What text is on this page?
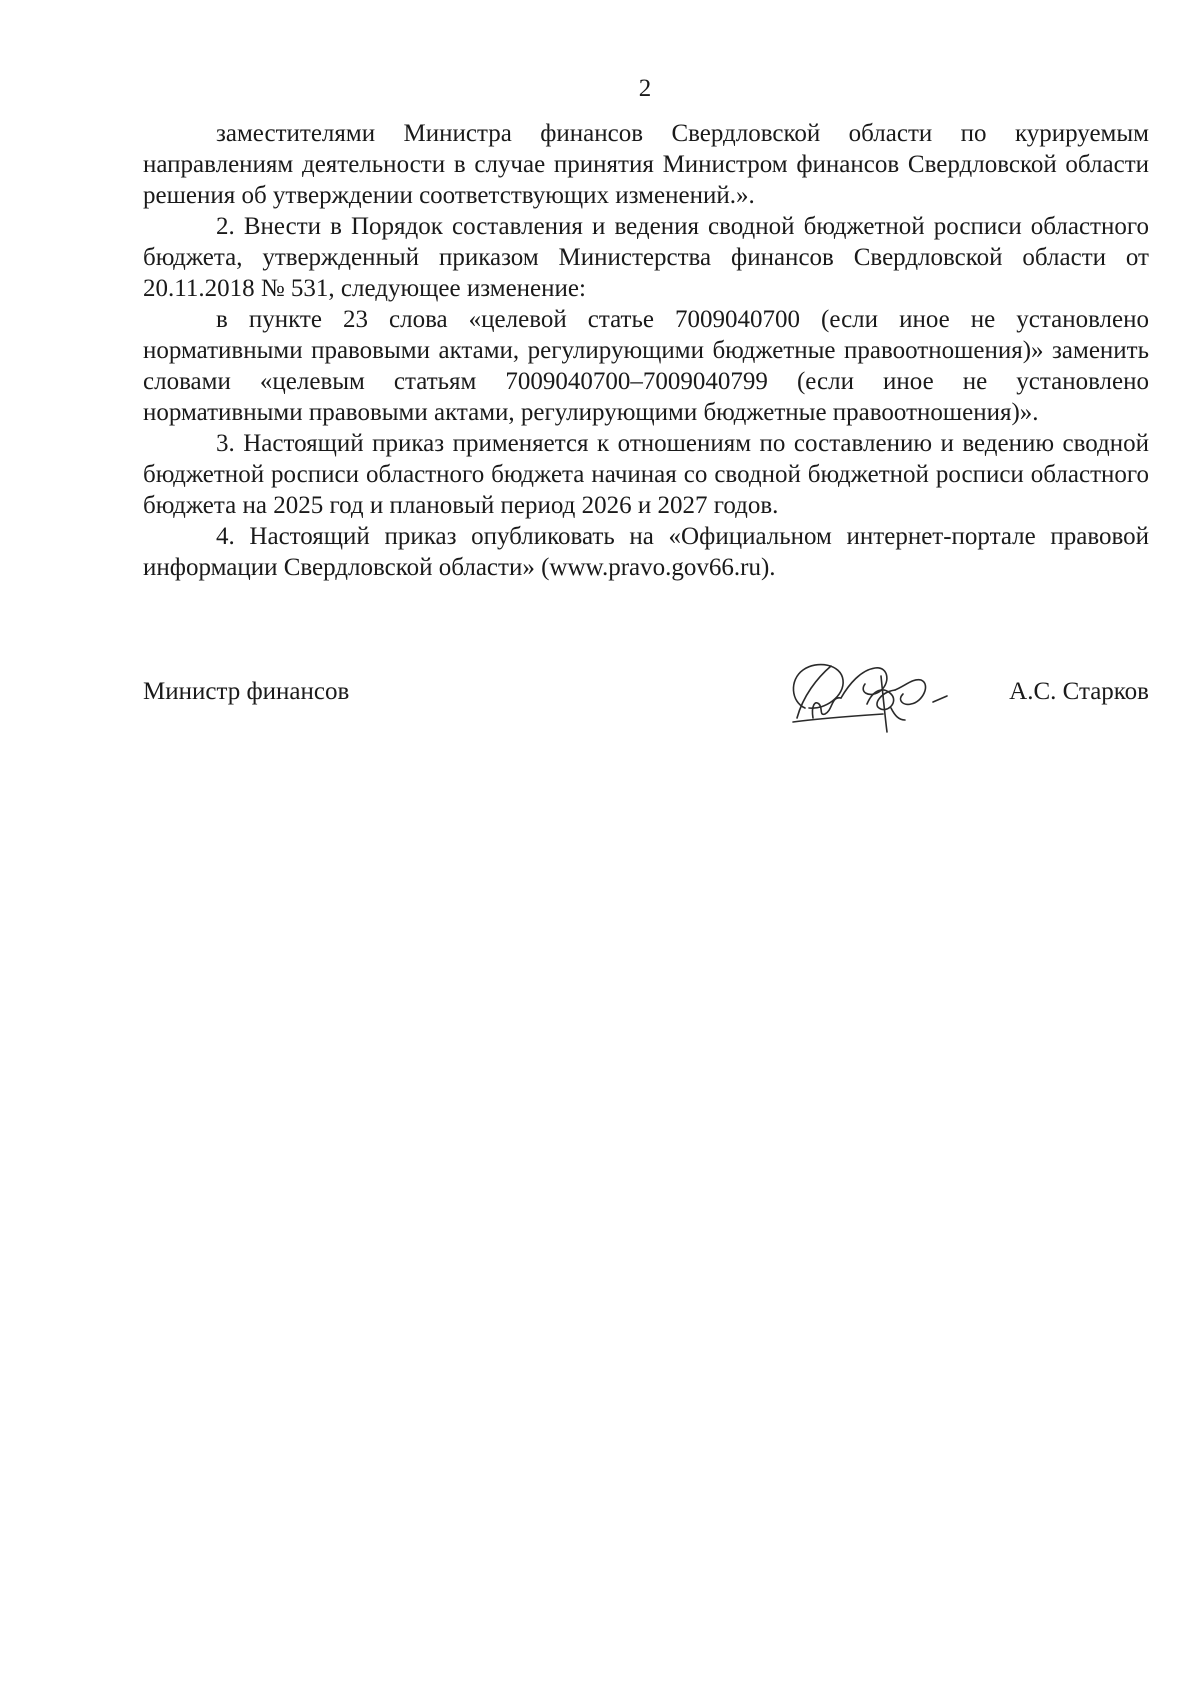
2

заместителями Министра финансов Свердловской области по курируемым направлениям деятельности в случае принятия Министром финансов Свердловской области решения об утверждении соответствующих изменений.».

2. Внести в Порядок составления и ведения сводной бюджетной росписи областного бюджета, утвержденный приказом Министерства финансов Свердловской области от 20.11.2018 № 531, следующее изменение:

в пункте 23 слова «целевой статье 7009040700 (если иное не установлено нормативными правовыми актами, регулирующими бюджетные правоотношения)» заменить словами «целевым статьям 7009040700–7009040799 (если иное не установлено нормативными правовыми актами, регулирующими бюджетные правоотношения)».

3. Настоящий приказ применяется к отношениям по составлению и ведению сводной бюджетной росписи областного бюджета начиная со сводной бюджетной росписи областного бюджета на 2025 год и плановый период 2026 и 2027 годов.

4. Настоящий приказ опубликовать на «Официальном интернет-портале правовой информации Свердловской области» (www.pravo.gov66.ru).

Министр финансов	А.С. Старков
